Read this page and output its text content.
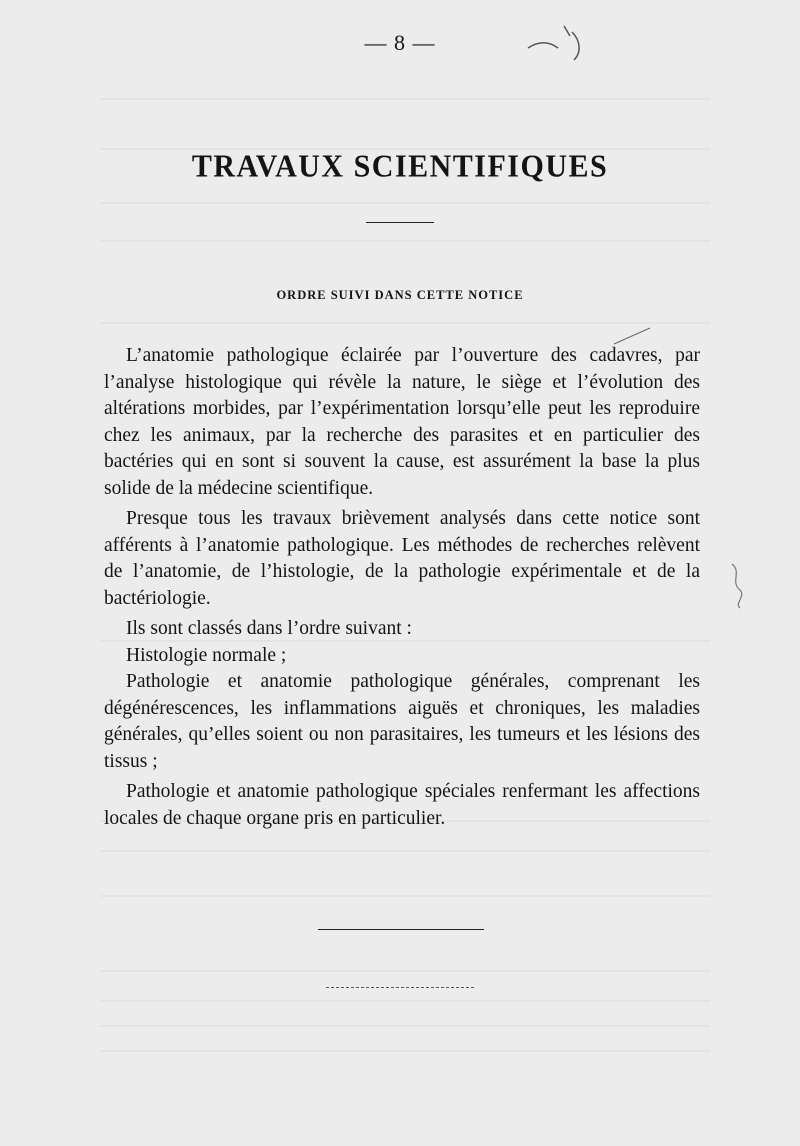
— 8 —
TRAVAUX SCIENTIFIQUES
ORDRE SUIVI DANS CETTE NOTICE

L’anatomie pathologique éclairée par l’ouverture des cadavres, par l’analyse histologique qui révèle la nature, le siège et l’évolution des altérations morbides, par l’expérimentation lorsqu’elle peut les reproduire chez les animaux, par la recherche des parasites et en particulier des bactéries qui en sont si souvent la cause, est assurément la base la plus solide de la médecine scientifique.

Presque tous les travaux brièvement analysés dans cette notice sont afférents à l’anatomie pathologique. Les méthodes de recherches relèvent de l’anatomie, de l’histologie, de la pathologie expérimentale et de la bactériologie.

Ils sont classés dans l’ordre suivant :

Histologie normale ;

Pathologie et anatomie pathologique générales, comprenant les dégénérescences, les inflammations aiguës et chroniques, les maladies générales, qu’elles soient ou non parasitaires, les tumeurs et les lésions des tissus ;

Pathologie et anatomie pathologique spéciales renfermant les affections locales de chaque organe pris en particulier.
